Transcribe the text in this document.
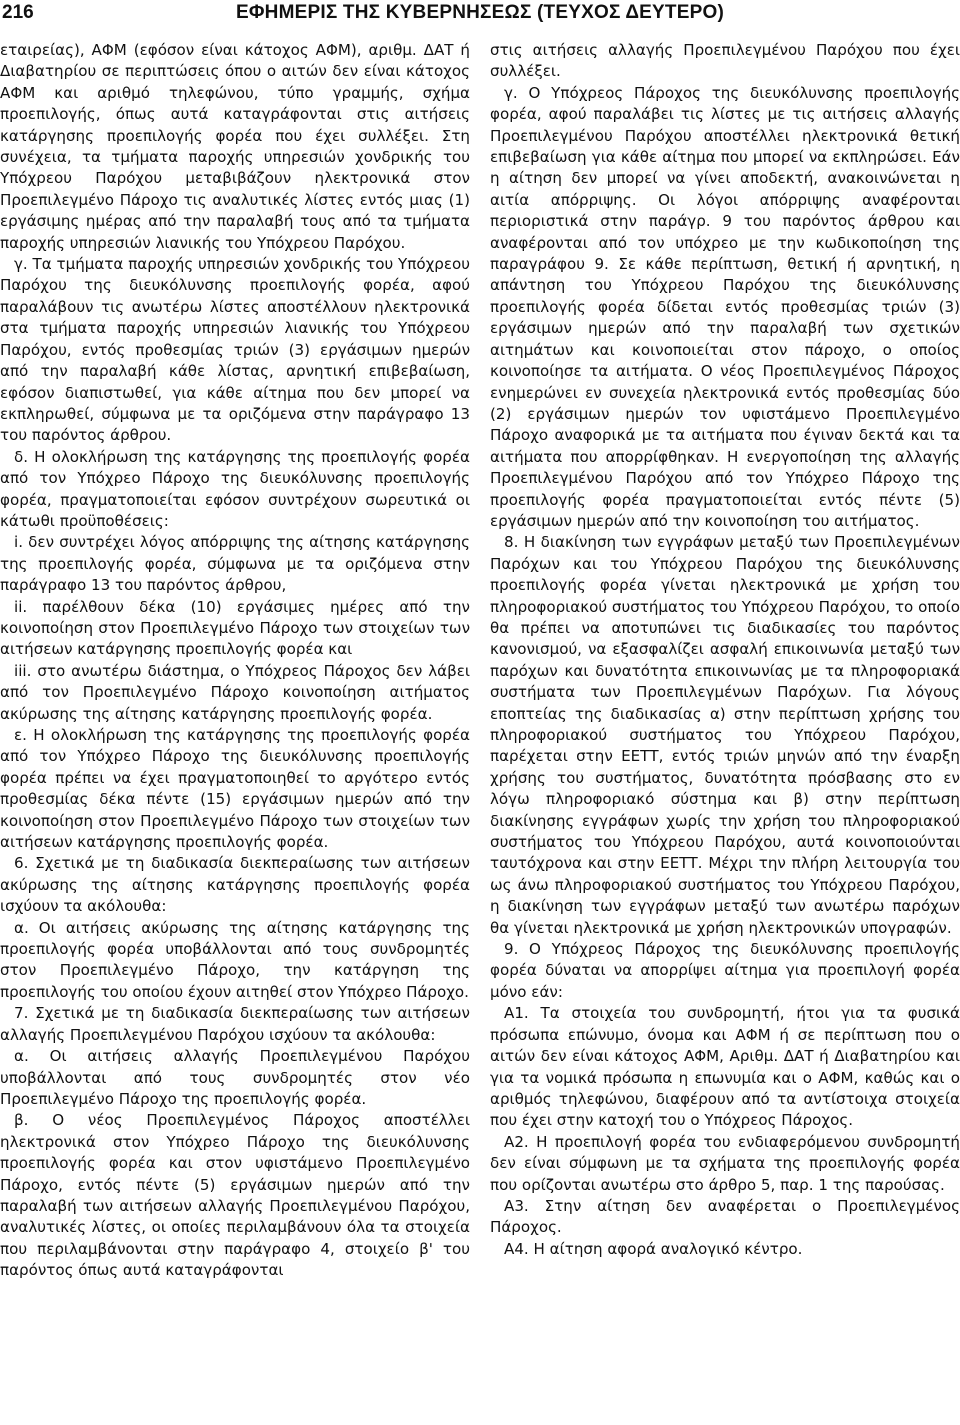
216	ΕΦΗΜΕΡΙΣ ΤΗΣ ΚΥΒΕΡΝΗΣΕΩΣ (ΤΕΥΧΟΣ ΔΕΥΤΕΡΟ)

εταιρείας), ΑΦΜ (εφόσον είναι κάτοχος ΑΦΜ), αριθμ. ΔΑΤ ή Διαβατηρίου σε περιπτώσεις όπου ο αιτών δεν είναι κάτοχος ΑΦΜ και αριθμό τηλεφώνου, τύπο γραμμής, σχήμα προεπιλογής, όπως αυτά καταγράφονται στις αιτήσεις κατάργησης προεπιλογής φορέα που έχει συλλέξει. Στη συνέχεια, τα τμήματα παροχής υπηρεσιών χονδρικής του Υπόχρεου Παρόχου μεταβιβάζουν ηλεκτρονικά στον Προεπιλεγμένο Πάροχο τις αναλυτικές λίστες εντός μιας (1) εργάσιμης ημέρας από την παραλαβή τους από τα τμήματα παροχής υπηρεσιών λιανικής του Υπόχρεου Παρόχου.

γ. Τα τμήματα παροχής υπηρεσιών χονδρικής του Υπόχρεου Παρόχου της διευκόλυνσης προεπιλογής φορέα, αφού παραλάβουν τις ανωτέρω λίστες αποστέλλουν ηλεκτρονικά στα τμήματα παροχής υπηρεσιών λιανικής του Υπόχρεου Παρόχου, εντός προθεσμίας τριών (3) εργάσιμων ημερών από την παραλαβή κάθε λίστας, αρνητική επιβεβαίωση, εφόσον διαπιστωθεί, για κάθε αίτημα που δεν μπορεί να εκπληρωθεί, σύμφωνα με τα οριζόμενα στην παράγραφο 13 του παρόντος άρθρου.

δ. Η ολοκλήρωση της κατάργησης της προεπιλογής φορέα από τον Υπόχρεο Πάροχο της διευκόλυνσης προεπιλογής φορέα, πραγματοποιείται εφόσον συντρέχουν σωρευτικά οι κάτωθι προϋποθέσεις:

i. δεν συντρέχει λόγος απόρριψης της αίτησης κατάργησης της προεπιλογής φορέα, σύμφωνα με τα οριζόμενα στην παράγραφο 13 του παρόντος άρθρου,

ii. παρέλθουν δέκα (10) εργάσιμες ημέρες από την κοινοποίηση στον Προεπιλεγμένο Πάροχο των στοιχείων των αιτήσεων κατάργησης προεπιλογής φορέα και

iii. στο ανωτέρω διάστημα, ο Υπόχρεος Πάροχος δεν λάβει από τον Προεπιλεγμένο Πάροχο κοινοποίηση αιτήματος ακύρωσης της αίτησης κατάργησης προεπιλογής φορέα.

ε. Η ολοκλήρωση της κατάργησης της προεπιλογής φορέα από τον Υπόχρεο Πάροχο της διευκόλυνσης προεπιλογής φορέα πρέπει να έχει πραγματοποιηθεί το αργότερο εντός προθεσμίας δέκα πέντε (15) εργάσιμων ημερών από την κοινοποίηση στον Προεπιλεγμένο Πάροχο των στοιχείων των αιτήσεων κατάργησης προεπιλογής φορέα.

6. Σχετικά με τη διαδικασία διεκπεραίωσης των αιτήσεων ακύρωσης της αίτησης κατάργησης προεπιλογής φορέα ισχύουν τα ακόλουθα:

α. Οι αιτήσεις ακύρωσης της αίτησης κατάργησης της προεπιλογής φορέα υποβάλλονται από τους συνδρομητές στον Προεπιλεγμένο Πάροχο, την κατάργηση της προεπιλογής του οποίου έχουν αιτηθεί στον Υπόχρεο Πάροχο.

7. Σχετικά με τη διαδικασία διεκπεραίωσης των αιτήσεων αλλαγής Προεπιλεγμένου Παρόχου ισχύουν τα ακόλουθα:

α. Οι αιτήσεις αλλαγής Προεπιλεγμένου Παρόχου υποβάλλονται από τους συνδρομητές στον νέο Προεπιλεγμένο Πάροχο της προεπιλογής φορέα.

β. Ο νέος Προεπιλεγμένος Πάροχος αποστέλλει ηλεκτρονικά στον Υπόχρεο Πάροχο της διευκόλυνσης προεπιλογής φορέα και στον υφιστάμενο Προεπιλεγμένο Πάροχο, εντός πέντε (5) εργάσιμων ημερών από την παραλαβή των αιτήσεων αλλαγής Προεπιλεγμένου Παρόχου, αναλυτικές λίστες, οι οποίες περιλαμβάνουν όλα τα στοιχεία που περιλαμβάνονται στην παράγραφο 4, στοιχείο β' του παρόντος όπως αυτά καταγράφονται

στις αιτήσεις αλλαγής Προεπιλεγμένου Παρόχου που έχει συλλέξει.

γ. Ο Υπόχρεος Πάροχος της διευκόλυνσης προεπιλογής φορέα, αφού παραλάβει τις λίστες με τις αιτήσεις αλλαγής Προεπιλεγμένου Παρόχου αποστέλλει ηλεκτρονικά θετική επιβεβαίωση για κάθε αίτημα που μπορεί να εκπληρώσει. Εάν η αίτηση δεν μπορεί να γίνει αποδεκτή, ανακοινώνεται η αιτία απόρριψης. Οι λόγοι απόρριψης αναφέρονται περιοριστικά στην παράγρ. 9 του παρόντος άρθρου και αναφέρονται από τον υπόχρεο με την κωδικοποίηση της παραγράφου 9. Σε κάθε περίπτωση, θετική ή αρνητική, η απάντηση του Υπόχρεου Παρόχου της διευκόλυνσης προεπιλογής φορέα δίδεται εντός προθεσμίας τριών (3) εργάσιμων ημερών από την παραλαβή των σχετικών αιτημάτων και κοινοποιείται στον πάροχο, ο οποίος κοινοποίησε τα αιτήματα. Ο νέος Προεπιλεγμένος Πάροχος ενημερώνει εν συνεχεία ηλεκτρονικά εντός προθεσμίας δύο (2) εργάσιμων ημερών τον υφιστάμενο Προεπιλεγμένο Πάροχο αναφορικά με τα αιτήματα που έγιναν δεκτά και τα αιτήματα που απορρίφθηκαν. Η ενεργοποίηση της αλλαγής Προεπιλεγμένου Παρόχου από τον Υπόχρεο Πάροχο της προεπιλογής φορέα πραγματοποιείται εντός πέντε (5) εργάσιμων ημερών από την κοινοποίηση του αιτήματος.

8. Η διακίνηση των εγγράφων μεταξύ των Προεπιλεγμένων Παρόχων και του Υπόχρεου Παρόχου της διευκόλυνσης προεπιλογής φορέα γίνεται ηλεκτρονικά με χρήση του πληροφοριακού συστήματος του Υπόχρεου Παρόχου, το οποίο θα πρέπει να αποτυπώνει τις διαδικασίες του παρόντος κανονισμού, να εξασφαλίζει ασφαλή επικοινωνία μεταξύ των παρόχων και δυνατότητα επικοινωνίας με τα πληροφοριακά συστήματα των Προεπιλεγμένων Παρόχων. Για λόγους εποπτείας της διαδικασίας α) στην περίπτωση χρήσης του πληροφοριακού συστήματος του Υπόχρεου Παρόχου, παρέχεται στην ΕΕΤΤ, εντός τριών μηνών από την έναρξη χρήσης του συστήματος, δυνατότητα πρόσβασης στο εν λόγω πληροφοριακό σύστημα και β) στην περίπτωση διακίνησης εγγράφων χωρίς την χρήση του πληροφοριακού συστήματος του Υπόχρεου Παρόχου, αυτά κοινοποιούνται ταυτόχρονα και στην ΕΕΤΤ. Μέχρι την πλήρη λειτουργία του ως άνω πληροφοριακού συστήματος του Υπόχρεου Παρόχου, η διακίνηση των εγγράφων μεταξύ των ανωτέρω παρόχων θα γίνεται ηλεκτρονικά με χρήση ηλεκτρονικών υπογραφών.

9. Ο Υπόχρεος Πάροχος της διευκόλυνσης προεπιλογής φορέα δύναται να απορρίψει αίτημα για προεπιλογή φορέα μόνο εάν:

Α1. Τα στοιχεία του συνδρομητή, ήτοι για τα φυσικά πρόσωπα επώνυμο, όνομα και ΑΦΜ ή σε περίπτωση που ο αιτών δεν είναι κάτοχος ΑΦΜ, Αριθμ. ΔΑΤ ή Διαβατηρίου και για τα νομικά πρόσωπα η επωνυμία και ο ΑΦΜ, καθώς και ο αριθμός τηλεφώνου, διαφέρουν από τα αντίστοιχα στοιχεία που έχει στην κατοχή του ο Υπόχρεος Πάροχος.

Α2. Η προεπιλογή φορέα του ενδιαφερόμενου συνδρομητή δεν είναι σύμφωνη με τα σχήματα της προεπιλογής φορέα που ορίζονται ανωτέρω στο άρθρο 5, παρ. 1 της παρούσας.

Α3. Στην αίτηση δεν αναφέρεται ο Προεπιλεγμένος Πάροχος.

Α4. Η αίτηση αφορά αναλογικό κέντρο.
